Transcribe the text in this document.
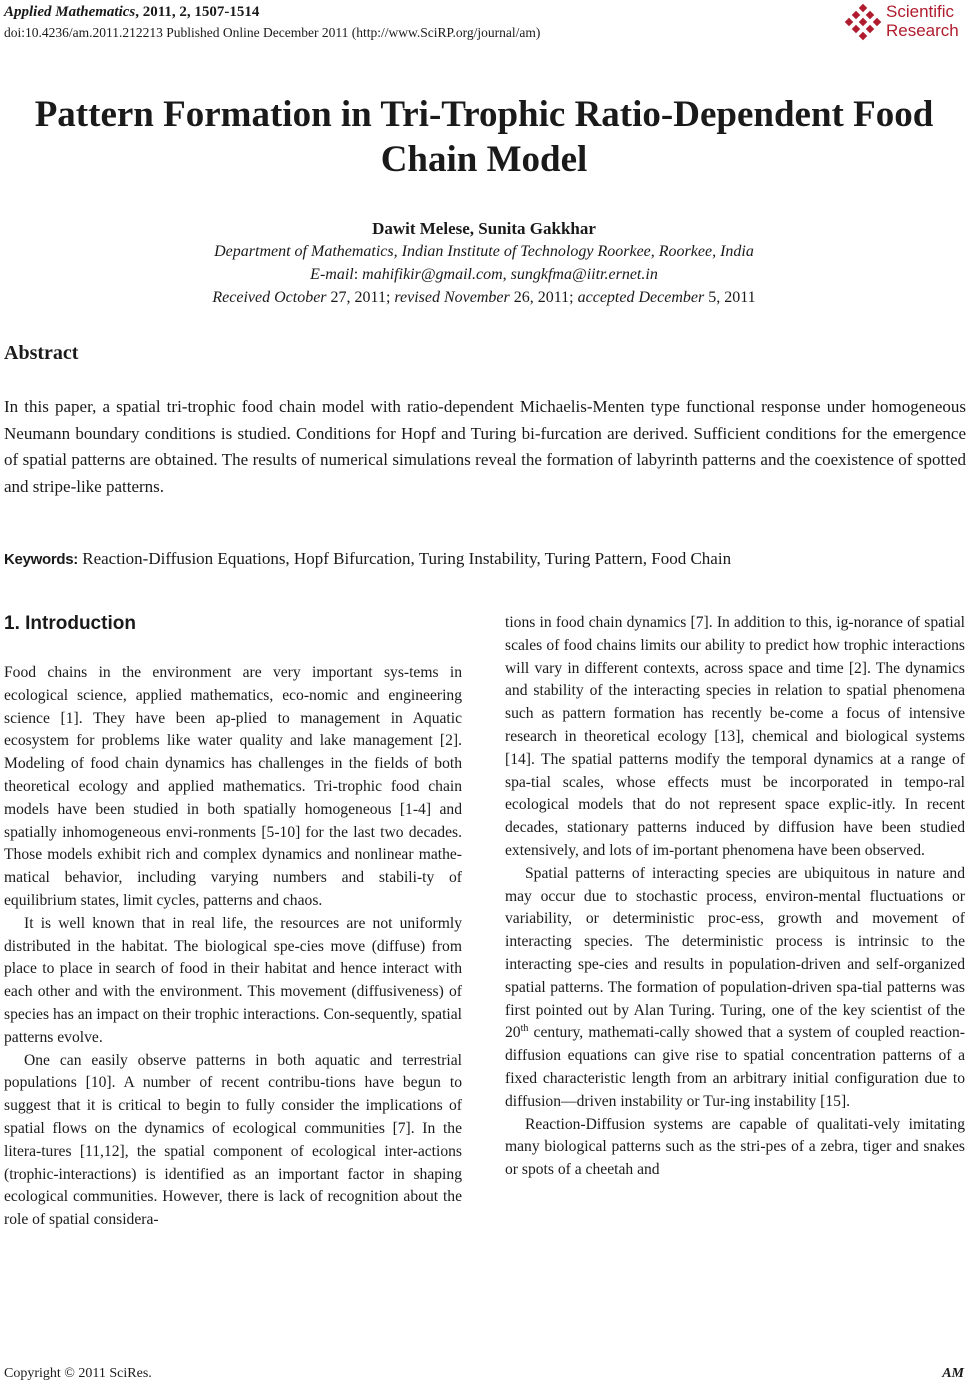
Applied Mathematics, 2011, 2, 1507-1514
doi:10.4236/am.2011.212213 Published Online December 2011 (http://www.SciRP.org/journal/am)
Scientific
Research
Pattern Formation in Tri-Trophic Ratio-Dependent Food Chain Model
Dawit Melese, Sunita Gakkhar
Department of Mathematics, Indian Institute of Technology Roorkee, Roorkee, India
E-mail: mahifikir@gmail.com, sungkfma@iitr.ernet.in
Received October 27, 2011; revised November 26, 2011; accepted December 5, 2011
Abstract
In this paper, a spatial tri-trophic food chain model with ratio-dependent Michaelis-Menten type functional response under homogeneous Neumann boundary conditions is studied. Conditions for Hopf and Turing bi-furcation are derived. Sufficient conditions for the emergence of spatial patterns are obtained. The results of numerical simulations reveal the formation of labyrinth patterns and the coexistence of spotted and stripe-like patterns.
Keywords: Reaction-Diffusion Equations, Hopf Bifurcation, Turing Instability, Turing Pattern, Food Chain
1. Introduction

Food chains in the environment are very important sys-tems in ecological science, applied mathematics, eco-nomic and engineering science [1]. They have been ap-plied to management in Aquatic ecosystem for problems like water quality and lake management [2]. Modeling of food chain dynamics has challenges in the fields of both theoretical ecology and applied mathematics. Tri-trophic food chain models have been studied in both spatially homogeneous [1-4] and spatially inhomogeneous envi-ronments [5-10] for the last two decades. Those models exhibit rich and complex dynamics and nonlinear mathe-matical behavior, including varying numbers and stabili-ty of equilibrium states, limit cycles, patterns and chaos.

It is well known that in real life, the resources are not uniformly distributed in the habitat. The biological spe-cies move (diffuse) from place to place in search of food in their habitat and hence interact with each other and with the environment. This movement (diffusiveness) of species has an impact on their trophic interactions. Con-sequently, spatial patterns evolve.

One can easily observe patterns in both aquatic and terrestrial populations [10]. A number of recent contribu-tions have begun to suggest that it is critical to begin to fully consider the implications of spatial flows on the dynamics of ecological communities [7]. In the litera-tures [11,12], the spatial component of ecological inter-actions (trophic-interactions) is identified as an important factor in shaping ecological communities. However, there is lack of recognition about the role of spatial considera-

tions in food chain dynamics [7]. In addition to this, ig-norance of spatial scales of food chains limits our ability to predict how trophic interactions will vary in different contexts, across space and time [2]. The dynamics and stability of the interacting species in relation to spatial phenomena such as pattern formation has recently be-come a focus of intensive research in theoretical ecology [13], chemical and biological systems [14]. The spatial patterns modify the temporal dynamics at a range of spa-tial scales, whose effects must be incorporated in tempo-ral ecological models that do not represent space explic-itly. In recent decades, stationary patterns induced by diffusion have been studied extensively, and lots of im-portant phenomena have been observed.

Spatial patterns of interacting species are ubiquitous in nature and may occur due to stochastic process, environ-mental fluctuations or variability, or deterministic proc-ess, growth and movement of interacting species. The deterministic process is intrinsic to the interacting spe-cies and results in population-driven and self-organized spatial patterns. The formation of population-driven spa-tial patterns was first pointed out by Alan Turing. Turing, one of the key scientist of the 20th century, mathemati-cally showed that a system of coupled reaction-diffusion equations can give rise to spatial concentration patterns of a fixed characteristic length from an arbitrary initial configuration due to diffusion—driven instability or Tur-ing instability [15].

Reaction-Diffusion systems are capable of qualitati-vely imitating many biological patterns such as the stri-pes of a zebra, tiger and snakes or spots of a cheetah and

Copyright © 2011 SciRes.	AM
